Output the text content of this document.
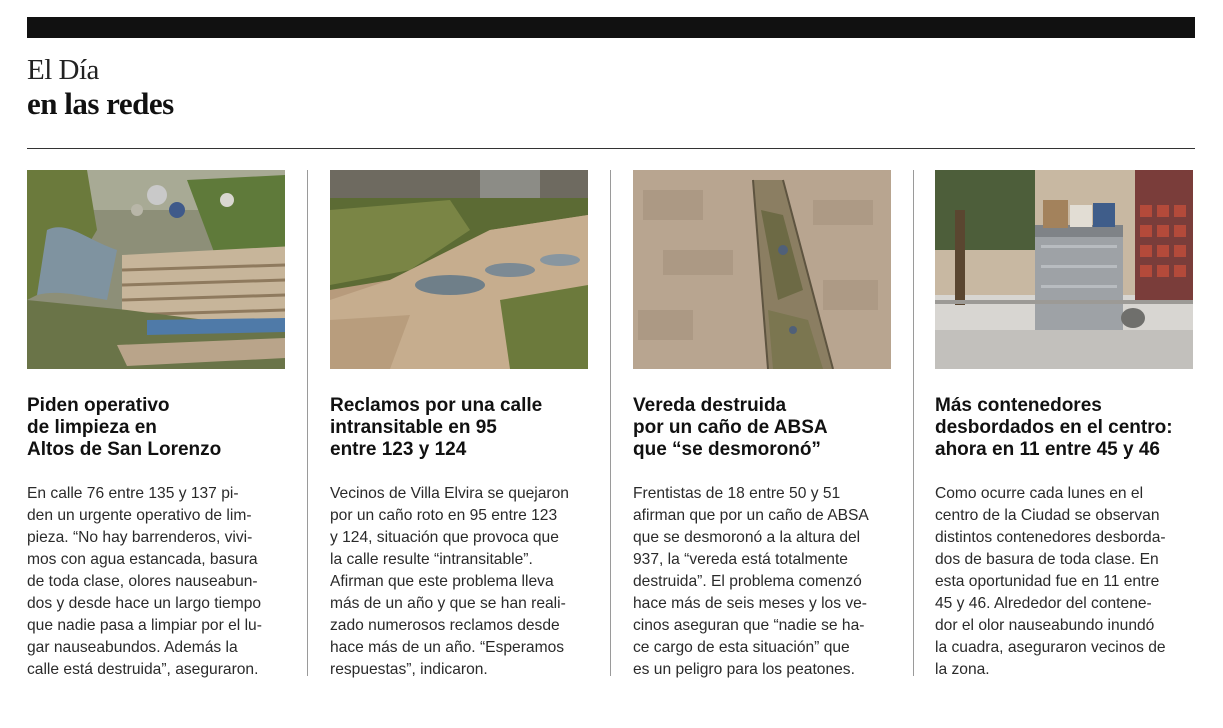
El Día
en las redes
Piden operativo
de limpieza en
Altos de San Lorenzo
En calle 76 entre 135 y 137 pi-
den un urgente operativo de lim-
pieza. “No hay barrenderos, vivi-
mos con agua estancada, basura
de toda clase, olores nauseabun-
dos y desde hace un largo tiempo
que nadie pasa a limpiar por el lu-
gar nauseabundos. Además la
calle está destruida”, aseguraron.
Reclamos por una calle
intransitable en 95
entre 123 y 124
Vecinos de Villa Elvira se quejaron
por un caño roto en 95 entre 123
y 124, situación que provoca que
la calle resulte “intransitable”.
Afirman que este problema lleva
más de un año y que se han reali-
zado numerosos reclamos desde
hace más de un año. “Esperamos
respuestas”, indicaron.
Vereda destruida
por un caño de ABSA
que “se desmoronó”
Frentistas de 18 entre 50 y 51
afirman que por un caño de ABSA
que se desmoronó a la altura del
937, la “vereda está totalmente
destruida”. El problema comenzó
hace más de seis meses y los ve-
cinos aseguran que “nadie se ha-
ce cargo de esta situación” que
es un peligro para los peatones.
Más contenedores
desbordados en el centro:
ahora en 11 entre 45 y 46
Como ocurre cada lunes en el
centro de la Ciudad se observan
distintos contenedores desborda-
dos de basura de toda clase. En
esta oportunidad fue en 11 entre
45 y 46. Alrededor del contene-
dor el olor nauseabundo inundó
la cuadra, aseguraron vecinos de
la zona.
